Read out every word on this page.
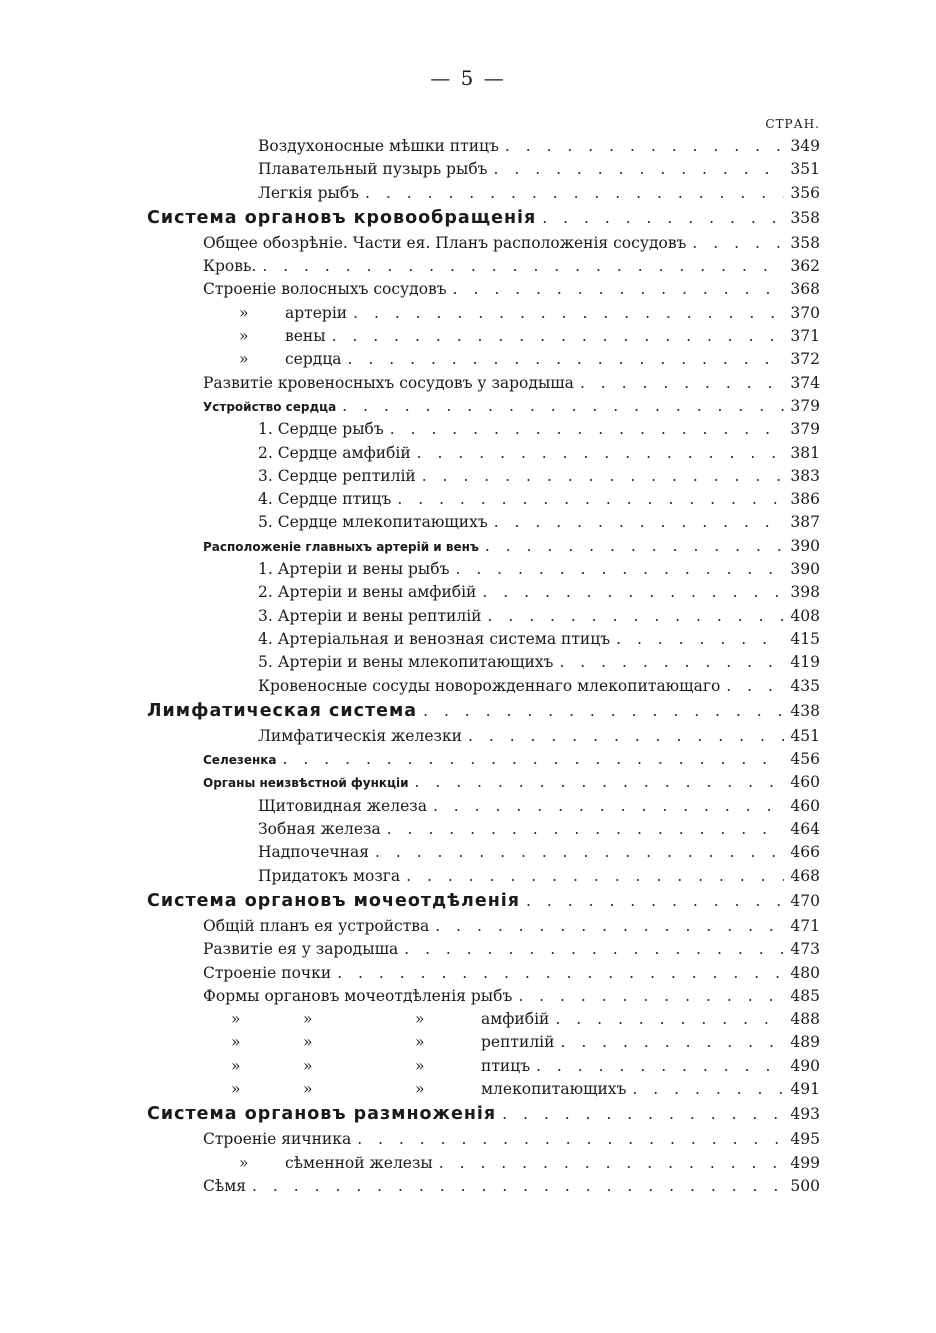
— 5 —
СТРАН.
Воздухоносные мѣшки птицъ . . .	349
Плавательный пузырь рыбъ . . .	351
Легкія рыбъ . . .	356
Система органовъ кровообращенія . . .	358
Общее обозрѣніе. Части ея. Планъ расположенія сосудовъ . . .	358
Кровь. . . .	362
Строеніе волосныхъ сосудовъ . . .	368
»	артеріи . . .	370
»	вены . . .	371
»	сердца . . .	372
Развитіе кровеносныхъ сосудовъ у зародыша . . .	374
Устройство сердца . . .	379
1. Сердце рыбъ . . .	379
2. Сердце амфибій . . .	381
3. Сердце рептилій . . .	383
4. Сердце птицъ . . .	386
5. Сердце млекопитающихъ . . .	387
Расположеніе главныхъ артерій и венъ . . .	390
1. Артеріи и вены рыбъ . . .	390
2. Артеріи и вены амфибій . . .	398
3. Артеріи и вены рептилій . . .	408
4. Артеріальная и венозная система птицъ . . .	415
5. Артеріи и вены млекопитающихъ . . .	419
Кровеносные сосуды новорожденнаго млекопитающаго . . .	435
Лимфатическая система . . .	438
Лимфатическія железки . . .	451
Селезенка . . .	456
Органы неизвѣстной функціи . . .	460
Щитовидная железа . . .	460
Зобная железа . . .	464
Надпочечная . . .	466
Придатокъ мозга . . .	468
Система органовъ мочеотдѣленія . . .	470
Общій планъ ея устройства . . .	471
Развитіе ея у зародыша . . .	473
Строеніе почки . . .	480
Формы органовъ мочеотдѣленія рыбъ . . .	485
»	»	»	амфибій . . .	488
»	»	»	рептилій . . .	489
»	»	»	птицъ . . .	490
»	»	»	млекопитающихъ . . .	491
Система органовъ размноженія . . .	493
Строеніе яичника . . .	495
»	сѣменной железы . . .	499
Сѣмя . . .	500
